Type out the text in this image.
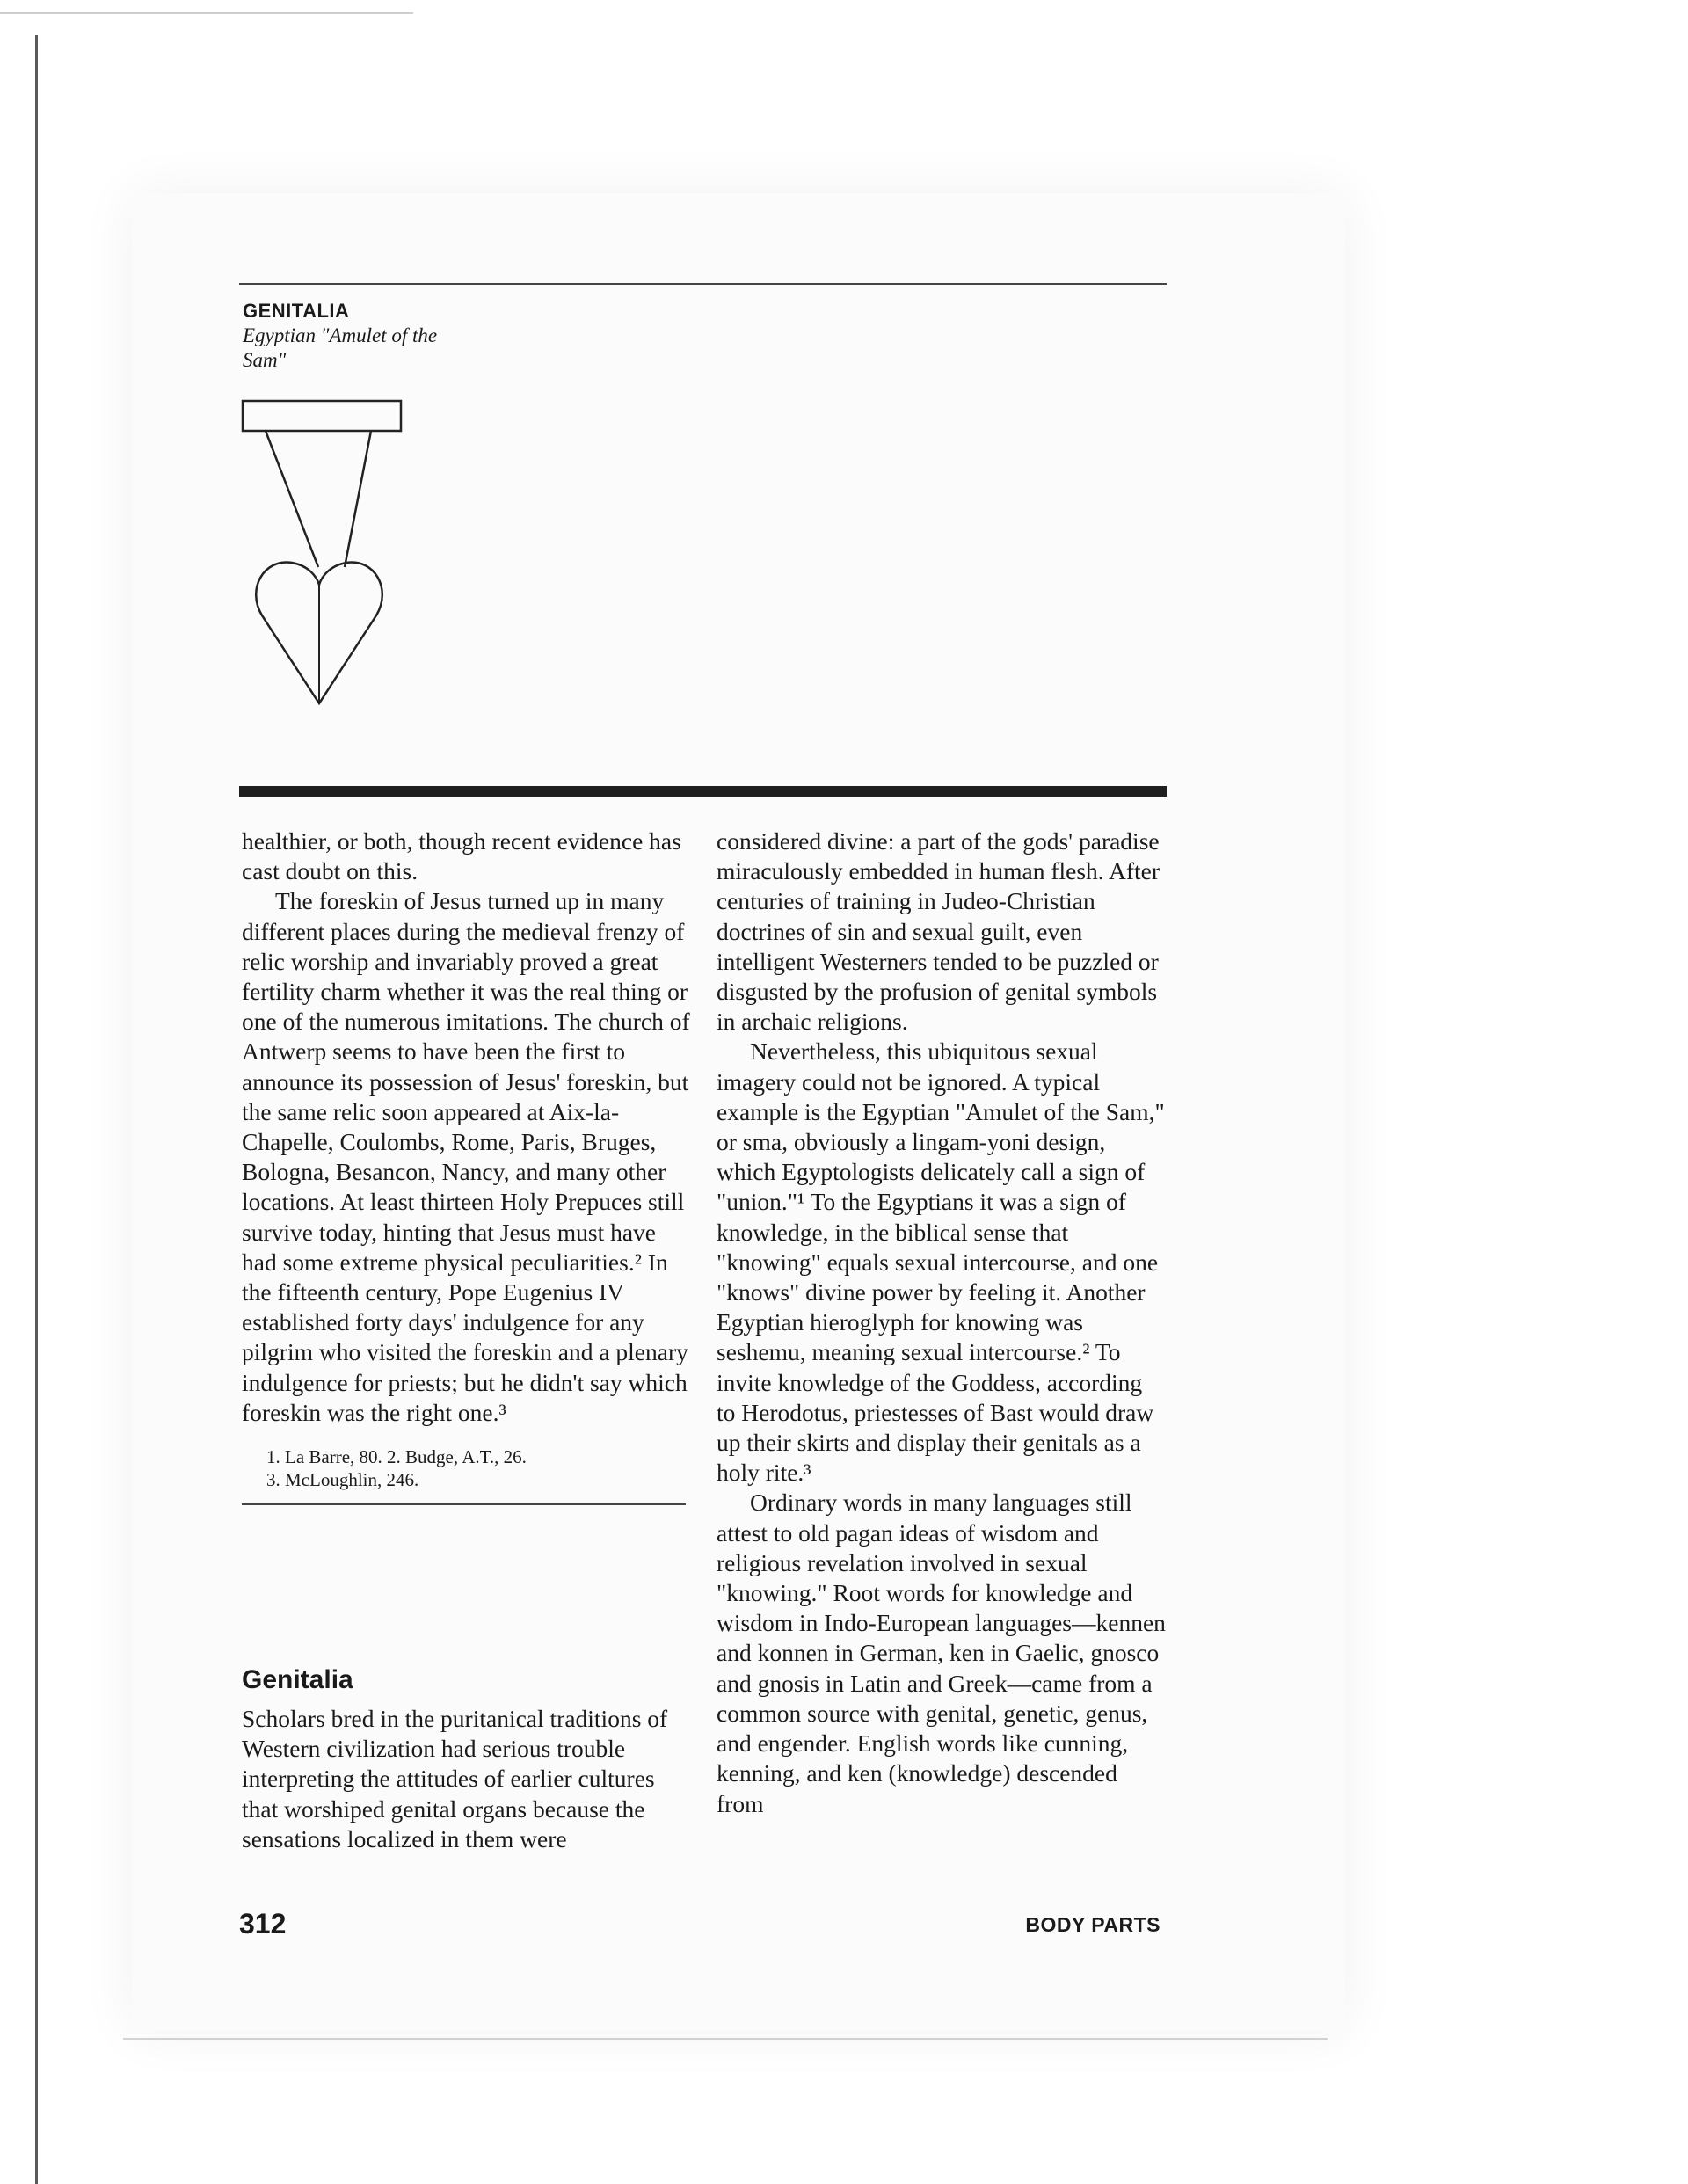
GENITALIA
Egyptian "Amulet of the Sam"

healthier, or both, though recent evidence has cast doubt on this.

The foreskin of Jesus turned up in many different places during the medieval frenzy of relic worship and invariably proved a great fertility charm whether it was the real thing or one of the numerous imitations. The church of Antwerp seems to have been the first to announce its possession of Jesus' foreskin, but the same relic soon appeared at Aix-la-Chapelle, Coulombs, Rome, Paris, Bruges, Bologna, Besancon, Nancy, and many other locations. At least thirteen Holy Prepuces still survive today, hinting that Jesus must have had some extreme physical peculiarities.² In the fifteenth century, Pope Eugenius IV established forty days' indulgence for any pilgrim who visited the foreskin and a plenary indulgence for priests; but he didn't say which foreskin was the right one.³

1. La Barre, 80. 2. Budge, A.T., 26.
3. McLoughlin, 246.
Genitalia

Scholars bred in the puritanical traditions of Western civilization had serious trouble interpreting the attitudes of earlier cultures that worshiped genital organs because the sensations localized in them were

considered divine: a part of the gods' paradise miraculously embedded in human flesh. After centuries of training in Judeo-Christian doctrines of sin and sexual guilt, even intelligent Westerners tended to be puzzled or disgusted by the profusion of genital symbols in archaic religions.

Nevertheless, this ubiquitous sexual imagery could not be ignored. A typical example is the Egyptian "Amulet of the Sam," or sma, obviously a lingam-yoni design, which Egyptologists delicately call a sign of "union."¹ To the Egyptians it was a sign of knowledge, in the biblical sense that "knowing" equals sexual intercourse, and one "knows" divine power by feeling it. Another Egyptian hieroglyph for knowing was seshemu, meaning sexual intercourse.² To invite knowledge of the Goddess, according to Herodotus, priestesses of Bast would draw up their skirts and display their genitals as a holy rite.³

Ordinary words in many languages still attest to old pagan ideas of wisdom and religious revelation involved in sexual "knowing." Root words for knowledge and wisdom in Indo-European languages—kennen and konnen in German, ken in Gaelic, gnosco and gnosis in Latin and Greek—came from a common source with genital, genetic, genus, and engender. English words like cunning, kenning, and ken (knowledge) descended from

312	BODY PARTS
